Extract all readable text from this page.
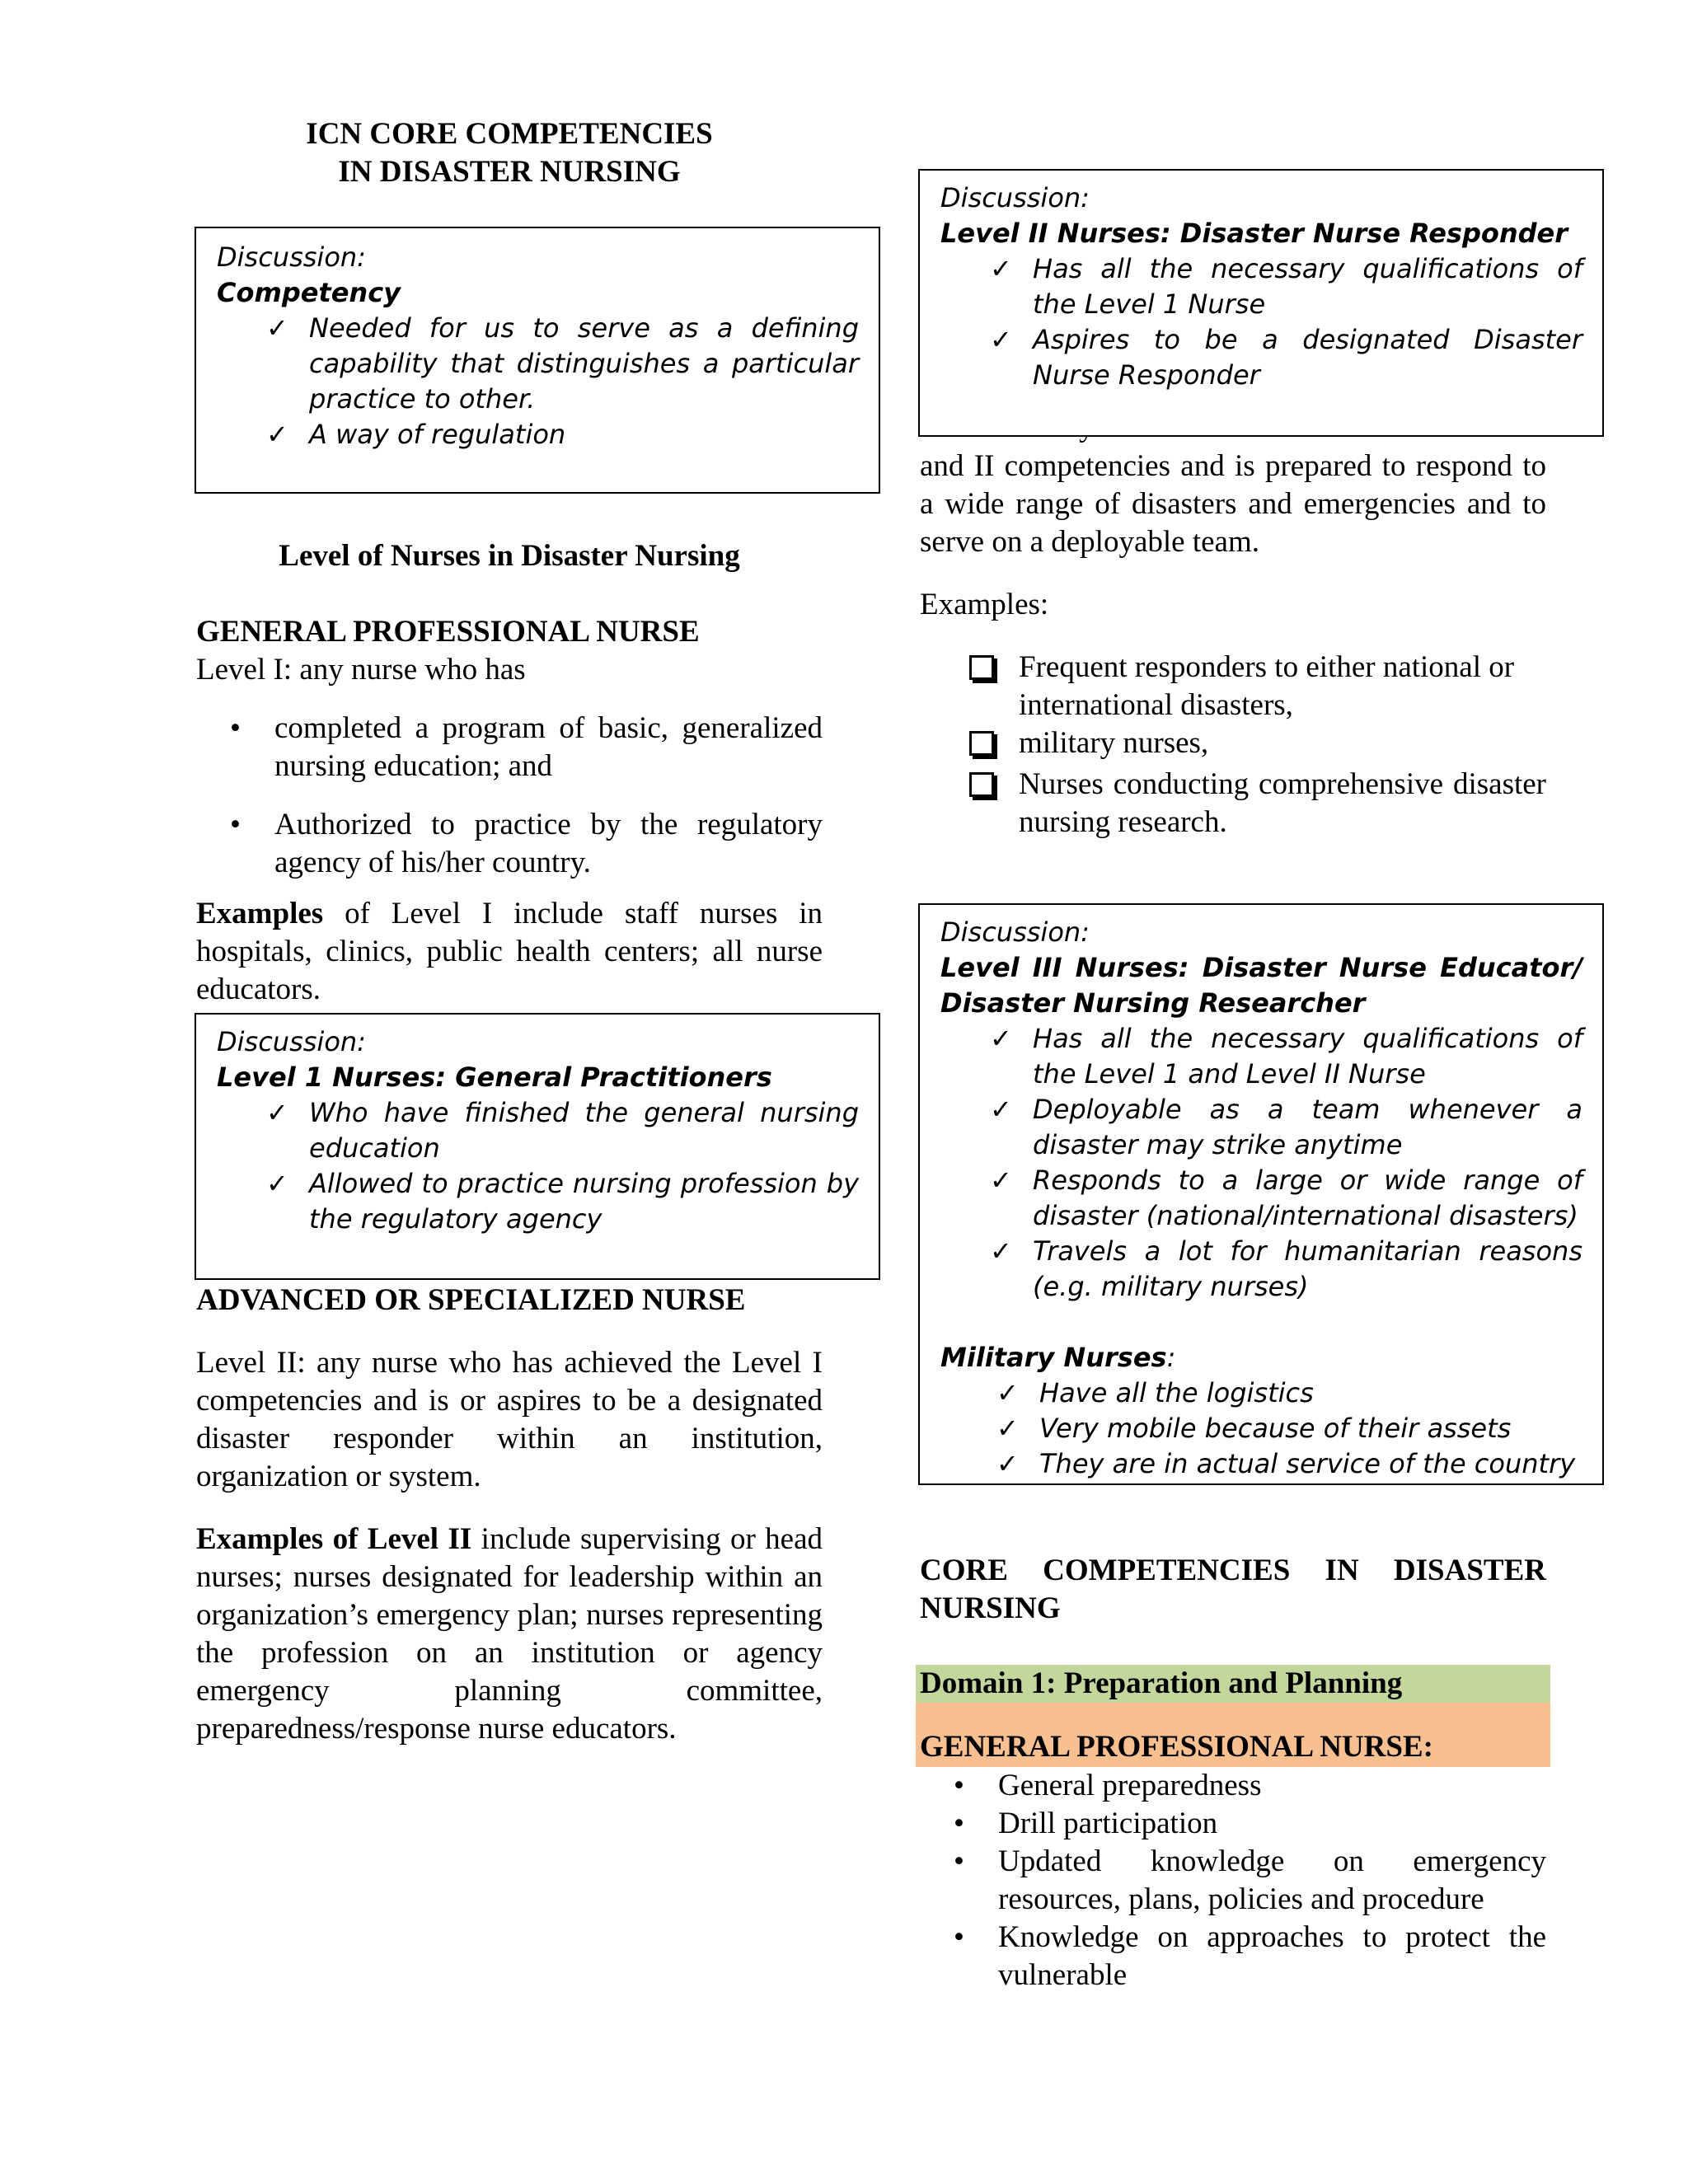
ICN CORE COMPETENCIES
IN DISASTER NURSING
Discussion:
Competency
✓ Needed for us to serve as a defining capability that distinguishes a particular practice to other.
✓ A way of regulation
Level of Nurses in Disaster Nursing
GENERAL PROFESSIONAL NURSE
Level I: any nurse who has
•	completed a program of basic, generalized nursing education; and
•	Authorized to practice by the regulatory agency of his/her country.
Examples of Level I include staff nurses in hospitals, clinics, public health centers; all nurse educators.
Discussion:
Level 1 Nurses: General Practitioners
✓ Who have finished the general nursing education
✓ Allowed to practice nursing profession by the regulatory agency
ADVANCED OR SPECIALIZED NURSE
Level II: any nurse who has achieved the Level I competencies and is or aspires to be a designated disaster responder within an institution, organization or system.
Examples of Level II include supervising or head nurses; nurses designated for leadership within an organization’s emergency plan; nurses representing the profession on an institution or agency emergency planning committee, preparedness/response nurse educators.
Discussion:
Level II Nurses: Disaster Nurse Responder
✓ Has all the necessary qualifications of the Level 1 Nurse
✓ Aspires to be a designated Disaster Nurse Responder
and II competencies and is prepared to respond to a wide range of disasters and emergencies and to serve on a deployable team.
Examples:
Frequent responders to either national or
international disasters,
military nurses,
Nurses conducting comprehensive disaster nursing research.
Discussion:
Level III Nurses: Disaster Nurse Educator/ Disaster Nursing Researcher
✓ Has all the necessary qualifications of the Level 1 and Level II Nurse
✓ Deployable as a team whenever a disaster may strike anytime
✓ Responds to a large or wide range of disaster (national/international disasters)
✓ Travels a lot for humanitarian reasons (e.g. military nurses)
Military Nurses:
✓ Have all the logistics
✓ Very mobile because of their assets
✓ They are in actual service of the country
CORE COMPETENCIES IN DISASTER NURSING
Domain 1: Preparation and Planning
GENERAL PROFESSIONAL NURSE:
•	General preparedness
•	Drill participation
•	Updated knowledge on emergency resources, plans, policies and procedure
•	Knowledge on approaches to protect the vulnerable
